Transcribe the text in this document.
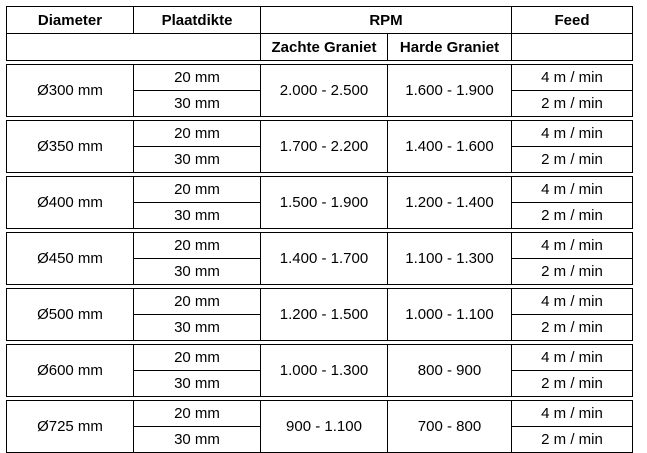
Diameter	Plaatdikte	RPM		Feed
		Zachte Graniet	Harde Graniet	

Ø300 mm	20 mm	2.000 - 2.500	1.600 - 1.900	4 m / min
	30 mm			2 m / min

Ø350 mm	20 mm	1.700 - 2.200	1.400 - 1.600	4 m / min
	30 mm			2 m / min

Ø400 mm	20 mm	1.500 - 1.900	1.200 - 1.400	4 m / min
	30 mm			2 m / min

Ø450 mm	20 mm	1.400 - 1.700	1.100 - 1.300	4 m / min
	30 mm			2 m / min

Ø500 mm	20 mm	1.200 - 1.500	1.000 - 1.100	4 m / min
	30 mm			2 m / min

Ø600 mm	20 mm	1.000 - 1.300	800 - 900	4 m / min
	30 mm			2 m / min

Ø725 mm	20 mm	900 - 1.100	700 - 800	4 m / min
	30 mm			2 m / min
